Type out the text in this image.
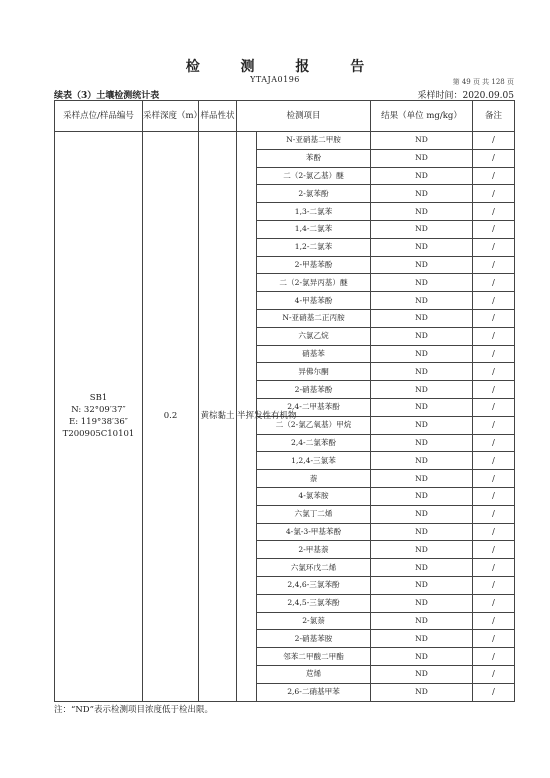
检 测 报 告
YTAJA0196	第 49 页 共 128 页
续表（3）土壤检测统计表	采样时间：2020.09.05
采样点位/样品编号	采样深度（m）	样品性状	检测项目		结果（单位 mg/kg）	备注

SB1
N: 32°09′37″
E: 119°38′36″
T200905C10101	0.2	黄棕黏土	半挥发性有机物	N-亚硝基二甲胺	ND	/
				苯酚	ND	/
				二（2-氯乙基）醚	ND	/
				2-氯苯酚	ND	/
				1,3-二氯苯	ND	/
				1,4-二氯苯	ND	/
				1,2-二氯苯	ND	/
				2-甲基苯酚	ND	/
				二（2-氯异丙基）醚	ND	/
				4-甲基苯酚	ND	/
				N-亚硝基二正丙胺	ND	/
				六氯乙烷	ND	/
				硝基苯	ND	/
				异佛尔酮	ND	/
				2-硝基苯酚	ND	/
				2,4-二甲基苯酚	ND	/
				二（2-氯乙氧基）甲烷	ND	/
				2,4-二氯苯酚	ND	/
				1,2,4-三氯苯	ND	/
				萘	ND	/
				4-氯苯胺	ND	/
				六氯丁二烯	ND	/
				4-氯-3-甲基苯酚	ND	/
				2-甲基萘	ND	/
				六氯环戊二烯	ND	/
				2,4,6-三氯苯酚	ND	/
				2,4,5-三氯苯酚	ND	/
				2-氯萘	ND	/
				2-硝基苯胺	ND	/
				邻苯二甲酸二甲酯	ND	/
				苊烯	ND	/
				2,6-二硝基甲苯	ND	/
注：“ND”表示检测项目浓度低于检出限。
